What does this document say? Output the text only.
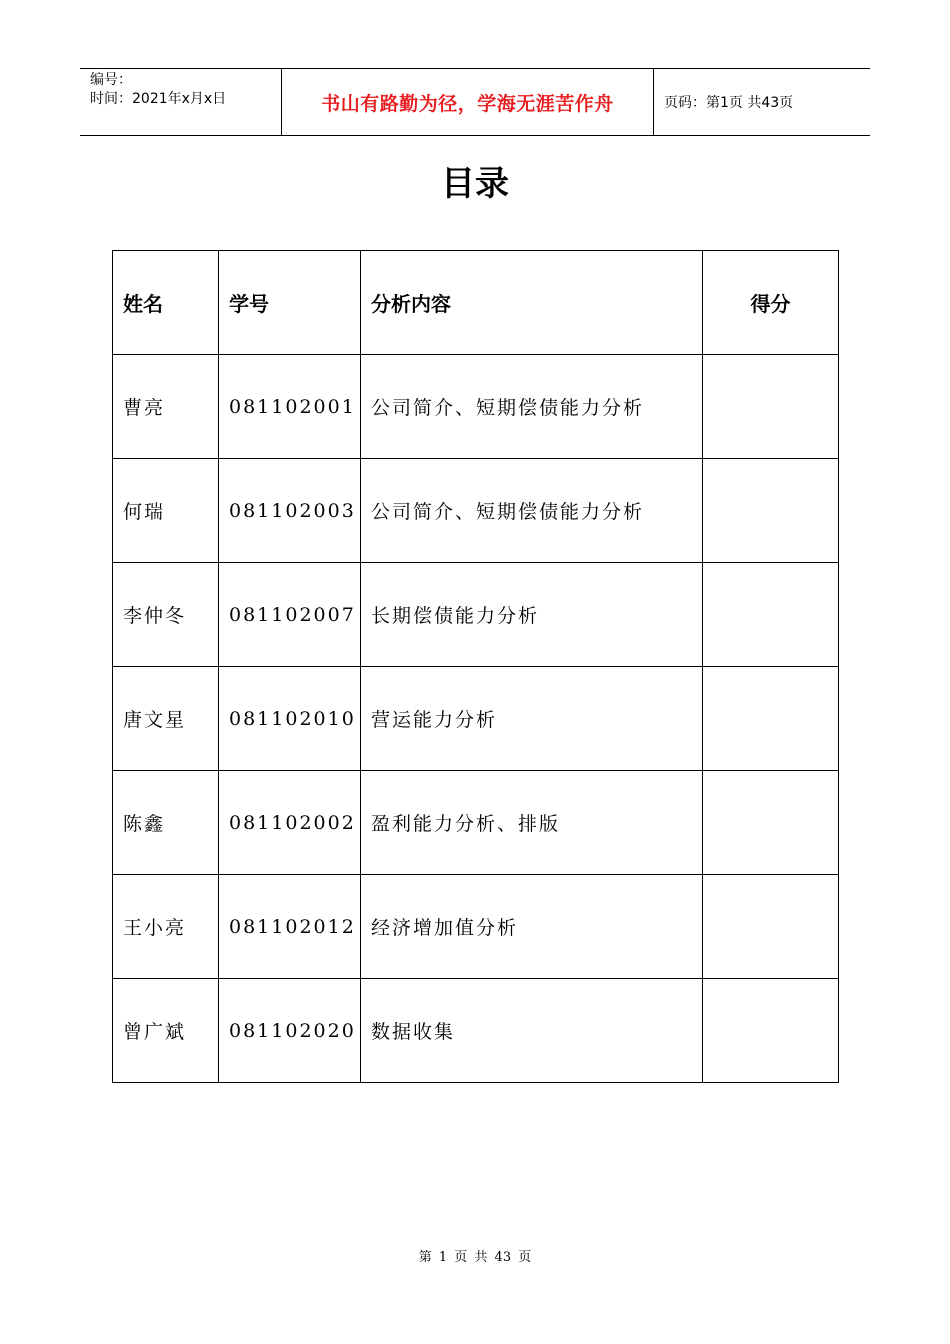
编号：
时间：2021年x月x日	书山有路勤为径，学海无涯苦作舟	页码：第1页 共43页
目录
姓名	学号	分析内容	得分
曹亮	081102001	公司简介、短期偿债能力分析	
何瑞	081102003	公司简介、短期偿债能力分析	
李仲冬	081102007	长期偿债能力分析	
唐文星	081102010	营运能力分析	
陈鑫	081102002	盈利能力分析、排版	
王小亮	081102012	经济增加值分析	
曾广斌	081102020	数据收集	
第 1 页 共 43 页
